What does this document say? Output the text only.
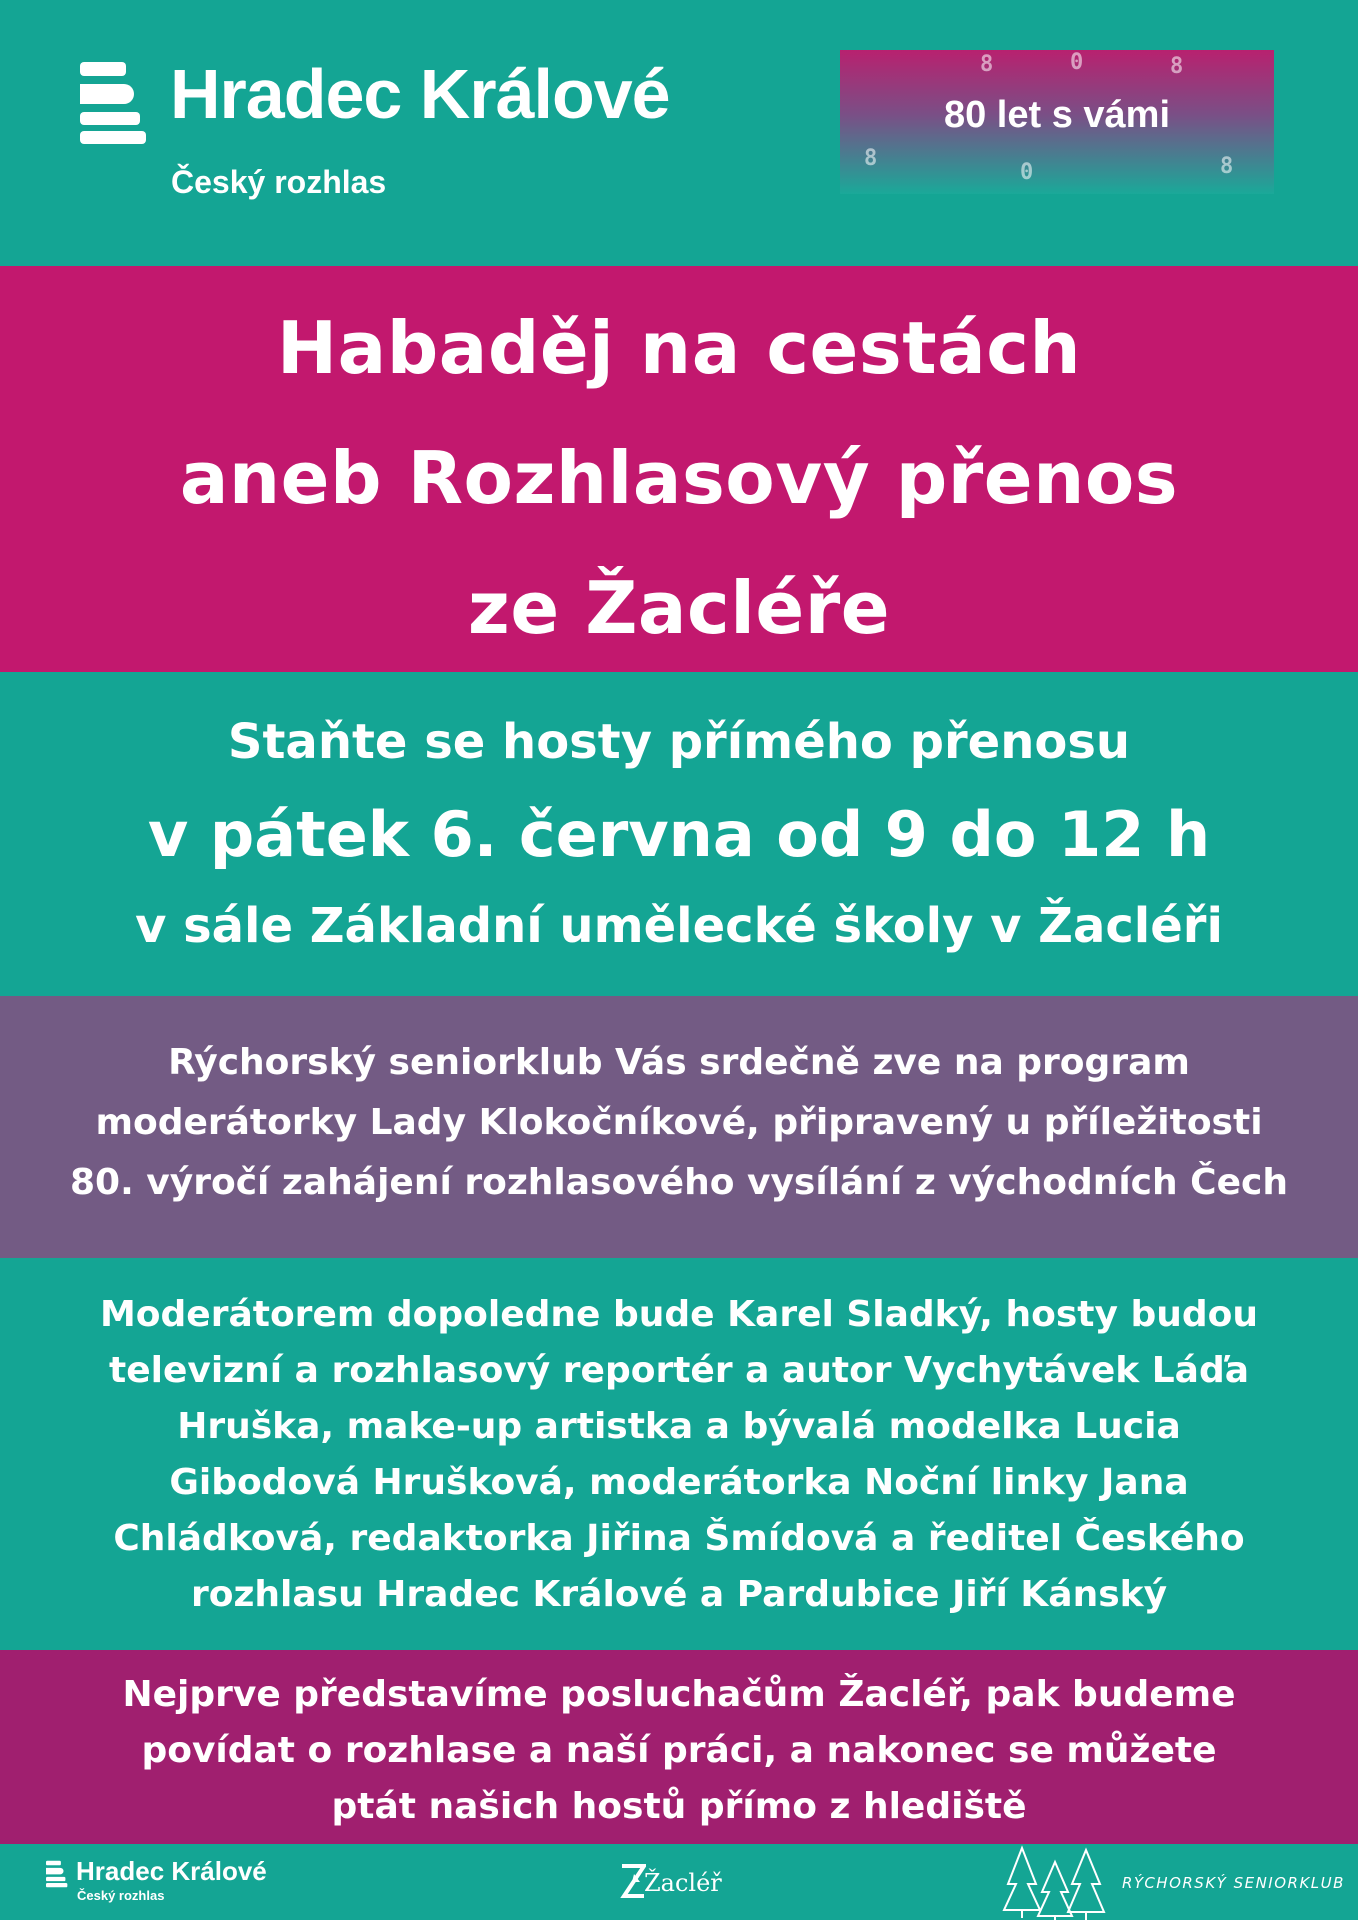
Hradec Králové
Český rozhlas
8	0	8
8
0	8
80 let s vámi
Habaděj na cestách
aneb Rozhlasový přenos
ze Žacléře
Staňte se hosty přímého přenosu
v pátek 6. června od 9 do 12 h
v sále Základní umělecké školy v Žacléři
Rýchorský seniorklub Vás srdečně zve na program
moderátorky Lady Klokočníkové, připravený u příležitosti
80. výročí zahájení rozhlasového vysílání z východních Čech
Moderátorem dopoledne bude Karel Sladký, hosty budou
televizní a rozhlasový reportér a autor Vychytávek Láďa
Hruška, make-up artistka a bývalá modelka Lucia
Gibodová Hrušková, moderátorka Noční linky Jana
Chládková, redaktorka Jiřina Šmídová a ředitel Českého
rozhlasu Hradec Králové a Pardubice Jiří Kánský
Nejprve představíme posluchačům Žacléř, pak budeme
povídat o rozhlase a naší práci, a nakonec se můžete
ptát našich hostů přímo z hlediště
Hradec Králové
Český rozhlas	Žacléř	RÝCHORSKÝ SENIORKLUB
